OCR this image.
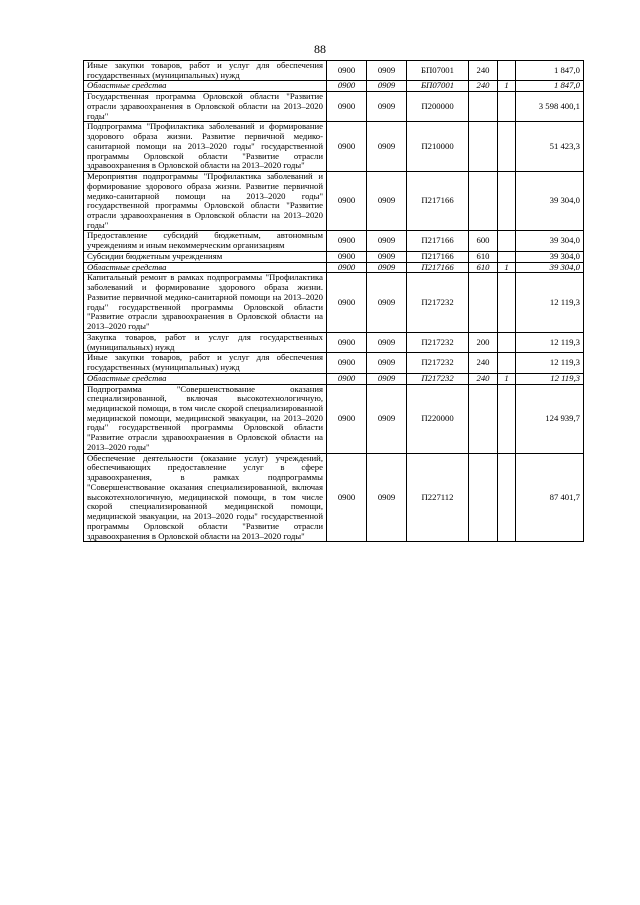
88
Иные закупки товаров, работ и услуг для обеспечения государственных (муниципальных) нужд	0900	0909	БП07001	240		1 847,0
Областные средства	0900	0909	БП07001	240	1	1 847,0
Государственная программа Орловской области "Развитие отрасли здравоохранения в Орловской области на 2013–2020 годы"	0900	0909	П200000			3 598 400,1
Подпрограмма "Профилактика заболеваний и формирование здорового образа жизни. Развитие первичной медико-санитарной помощи на 2013–2020 годы" государственной программы Орловской области "Развитие отрасли здравоохранения в Орловской области на 2013–2020 годы"	0900	0909	П210000			51 423,3
Мероприятия подпрограммы "Профилактика заболеваний и формирование здорового образа жизни. Развитие первичной медико-санитарной помощи на 2013–2020 годы" государственной программы Орловской области "Развитие отрасли здравоохранения в Орловской области на 2013–2020 годы"	0900	0909	П217166			39 304,0
Предоставление субсидий бюджетным, автономным учреждениям и иным некоммерческим организациям	0900	0909	П217166	600		39 304,0
Субсидии бюджетным учреждениям	0900	0909	П217166	610		39 304,0
Областные средства	0900	0909	П217166	610	1	39 304,0
Капитальный ремонт в рамках подпрограммы "Профилактика заболеваний и формирование здорового образа жизни. Развитие первичной медико-санитарной помощи на 2013–2020 годы" государственной программы Орловской области "Развитие отрасли здравоохранения в Орловской области на 2013–2020 годы"	0900	0909	П217232			12 119,3
Закупка товаров, работ и услуг для государственных (муниципальных) нужд	0900	0909	П217232	200		12 119,3
Иные закупки товаров, работ и услуг для обеспечения государственных (муниципальных) нужд	0900	0909	П217232	240		12 119,3
Областные средства	0900	0909	П217232	240	1	12 119,3
Подпрограмма "Совершенствование оказания специализированной, включая высокотехнологичную, медицинской помощи, в том числе скорой специализированной медицинской помощи, медицинской эвакуации, на 2013–2020 годы" государственной программы Орловской области "Развитие отрасли здравоохранения в Орловской области на 2013–2020 годы"	0900	0909	П220000			124 939,7
Обеспечение деятельности (оказание услуг) учреждений, обеспечивающих предоставление услуг в сфере здравоохранения, в рамках подпрограммы "Совершенствование оказания специализированной, включая высокотехнологичную, медицинской помощи, в том числе скорой специализированной медицинской помощи, медицинской эвакуации, на 2013–2020 годы" государственной программы Орловской области "Развитие отрасли здравоохранения в Орловской области на 2013–2020 годы"	0900	0909	П227112			87 401,7
